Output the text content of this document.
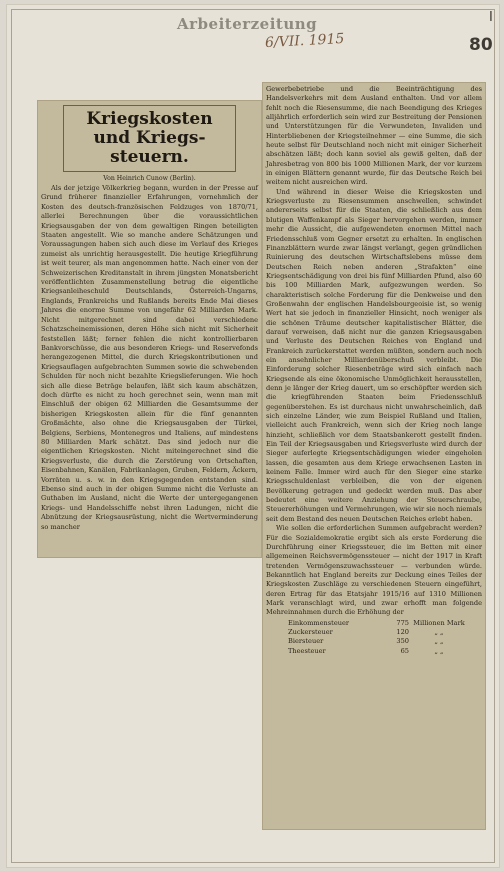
Arbeiterzeitung
6/VII. 1915	80
I
Kriegskosten und Kriegs-
steuern.
Von Heinrich Cunow (Berlin).

Als der jetzige Völkerkrieg begann, wurden in der Presse auf Grund früherer finanzieller Erfahrungen, vornehmlich der Kosten des deutsch-französischen Feldzuges von 1870/71, allerlei Berechnungen über die voraussichtlichen Kriegsausgaben der von dem gewaltigen Ringen beteiligten Staaten angestellt. Wie so manche andere Schätzungen und Voraussagungen haben sich auch diese im Verlauf des Krieges zumeist als unrichtig herausgestellt. Die heutige Kriegführung ist weit teurer, als man angenommen hatte. Nach einer von der Schweizerischen Kreditanstalt in ihrem jüngsten Monatsbericht veröffentlichten Zusammenstellung betrug die eigentliche Kriegsanleiheschuld Deutschlands, Österreich-Ungarns, Englands, Frankreichs und Rußlands bereits Ende Mai dieses Jahres die enorme Summe von ungefähr 62 Milliarden Mark. Nicht mitgerechnet sind dabei verschiedene Schatzscheinemissionen, deren Höhe sich nicht mit Sicherheit feststellen läßt; ferner fehlen die nicht kontrollierbaren Bankvorschüsse, die aus besonderen Kriegs- und Reservefonds herangezogenen Mittel, die durch Kriegskontributionen und Kriegsauflagen aufgebrachten Summen sowie die schwebenden Schulden für noch nicht bezahlte Kriegslieferungen. Wie hoch sich alle diese Beträge belaufen, läßt sich kaum abschätzen, doch dürfte es nicht zu hoch gerechnet sein, wenn man mit Einschluß der obigen 62 Milliarden die Gesamtsumme der bisherigen Kriegskosten allein für die fünf genannten Großmächte, also ohne die Kriegsausgaben der Türkei, Belgiens, Serbiens, Montenegros und Italiens, auf mindestens 80 Milliarden Mark schätzt. Das sind jedoch nur die eigentlichen Kriegskosten. Nicht miteingerechnet sind die Kriegsverluste, die durch die Zerstörung von Ortschaften, Eisenbahnen, Kanälen, Fabrikanlagen, Gruben, Feldern, Äckern, Vorräten u. s. w. in den Kriegsgegenden entstanden sind. Ebenso sind auch in der obigen Summe nicht die Verluste an Guthaben im Ausland, nicht die Werte der untergegangenen Kriegs- und Handelsschiffe nebst ihren Ladungen, nicht die Abnützung der Kriegsausrüstung, nicht die Wertverminderung so mancher

Gewerbebetriebe und die Beeinträchtigung des Handelsverkehrs mit dem Ausland enthalten. Und vor allem fehlt noch die Riesensumme, die nach Beendigung des Krieges alljährlich erforderlich sein wird zur Bestreitung der Pensionen und Unterstützungen für die Verwundeten, Invaliden und Hinterbliebenen der Kriegsteilnehmer — eine Summe, die sich heute selbst für Deutschland noch nicht mit einiger Sicherheit abschätzen läßt; doch kann soviel als gewiß gelten, daß der Jahresbetrag von 800 bis 1000 Millionen Mark, der vor kurzem in einigen Blättern genannt wurde, für das Deutsche Reich bei weitem nicht ausreichen wird.

Und während in dieser Weise die Kriegskosten und Kriegsverluste zu Riesensummen anschwellen, schwindet andererseits selbst für die Staaten, die schließlich aus dem blutigen Waffenkampf als Sieger hervorgehen werden, immer mehr die Aussicht, die aufgewendeten enormen Mittel nach Friedensschluß vom Gegner ersetzt zu erhalten. In englischen Finanzblättern wurde zwar längst verlangt, gegen gründlichen Ruinierung des deutschen Wirtschaftslebens müsse dem Deutschen Reich neben anderen „Strafakten“ eine Kriegsentschädigung von drei bis fünf Milliarden Pfund, also 60 bis 100 Milliarden Mark, aufgezwungen werden. So charakteristisch solche Forderung für die Denkweise und den Großenwahn der englischen Handelsbourgeoisie ist, so wenig Wert hat sie jedoch in finanzieller Hinsicht, noch weniger als die schönen Träume deutscher kapitalistischer Blätter, die darauf verweisen, daß nicht nur die ganzen Kriegsausgaben und Verluste des Deutschen Reiches von England und Frankreich zurückerstattet werden müßten, sondern auch noch ein ansehnlicher Milliardenüberschuß verbleibt. Die Einforderung solcher Riesenbeträge wird sich einfach nach Kriegsende als eine ökonomische Unmöglichkeit herausstellen, denn je länger der Krieg dauert, um so erschöpfter werden sich die kriegführenden Staaten beim Friedensschluß gegenüberstehen. Es ist durchaus nicht unwahrscheinlich, daß sich einzelne Länder, wie zum Beispiel Rußland und Italien, vielleicht auch Frankreich, wenn sich der Krieg noch lange hinzieht, schließlich vor dem Staatsbankerott gestellt finden. Ein Teil der Kriegsausgaben und Kriegsverluste wird durch der Sieger auferlegte Kriegsentschädigungen wieder eingeholen lassen, die gesamten aus dem Kriege erwachsenen Lasten in keinem Falle. Immer wird auch für den Sieger eine starke Kriegsschuldenlast verbleiben, die von der eigenen Bevölkerung getragen und gedeckt werden muß. Das aber bedeutet eine weitere Anziehung der Steuerschraube, Steuererhöhungen und Vermehrungen, wie wir sie noch niemals seit dem Bestand des neuen Deutschen Reiches erlebt haben.

Wie sollen die erforderlichen Summen aufgebracht werden? Für die Sozialdemokratie ergibt sich als erste Forderung die Durchführung einer Kriegssteuer, die im Betten mit einer allgemeinen Reichsvermögenssteuer — nicht der 1917 in Kraft tretenden Vermögenszuwachssteuer — verbunden würde. Bekanntlich hat England bereits zur Deckung eines Teiles der Kriegskosten Zuschläge zu verschiedenen Steuern eingeführt, deren Ertrag für das Etatsjahr 1915/16 auf 1310 Millionen Mark veranschlagt wird, und zwar erhofft man folgende Mehreinnahmen durch die Erhöhung der

Einkommensteuer	775 Millionen Mark
Zuckersteuer	120	„ „
Biersteuer	350	„ „
Theesteuer	65	„ „
